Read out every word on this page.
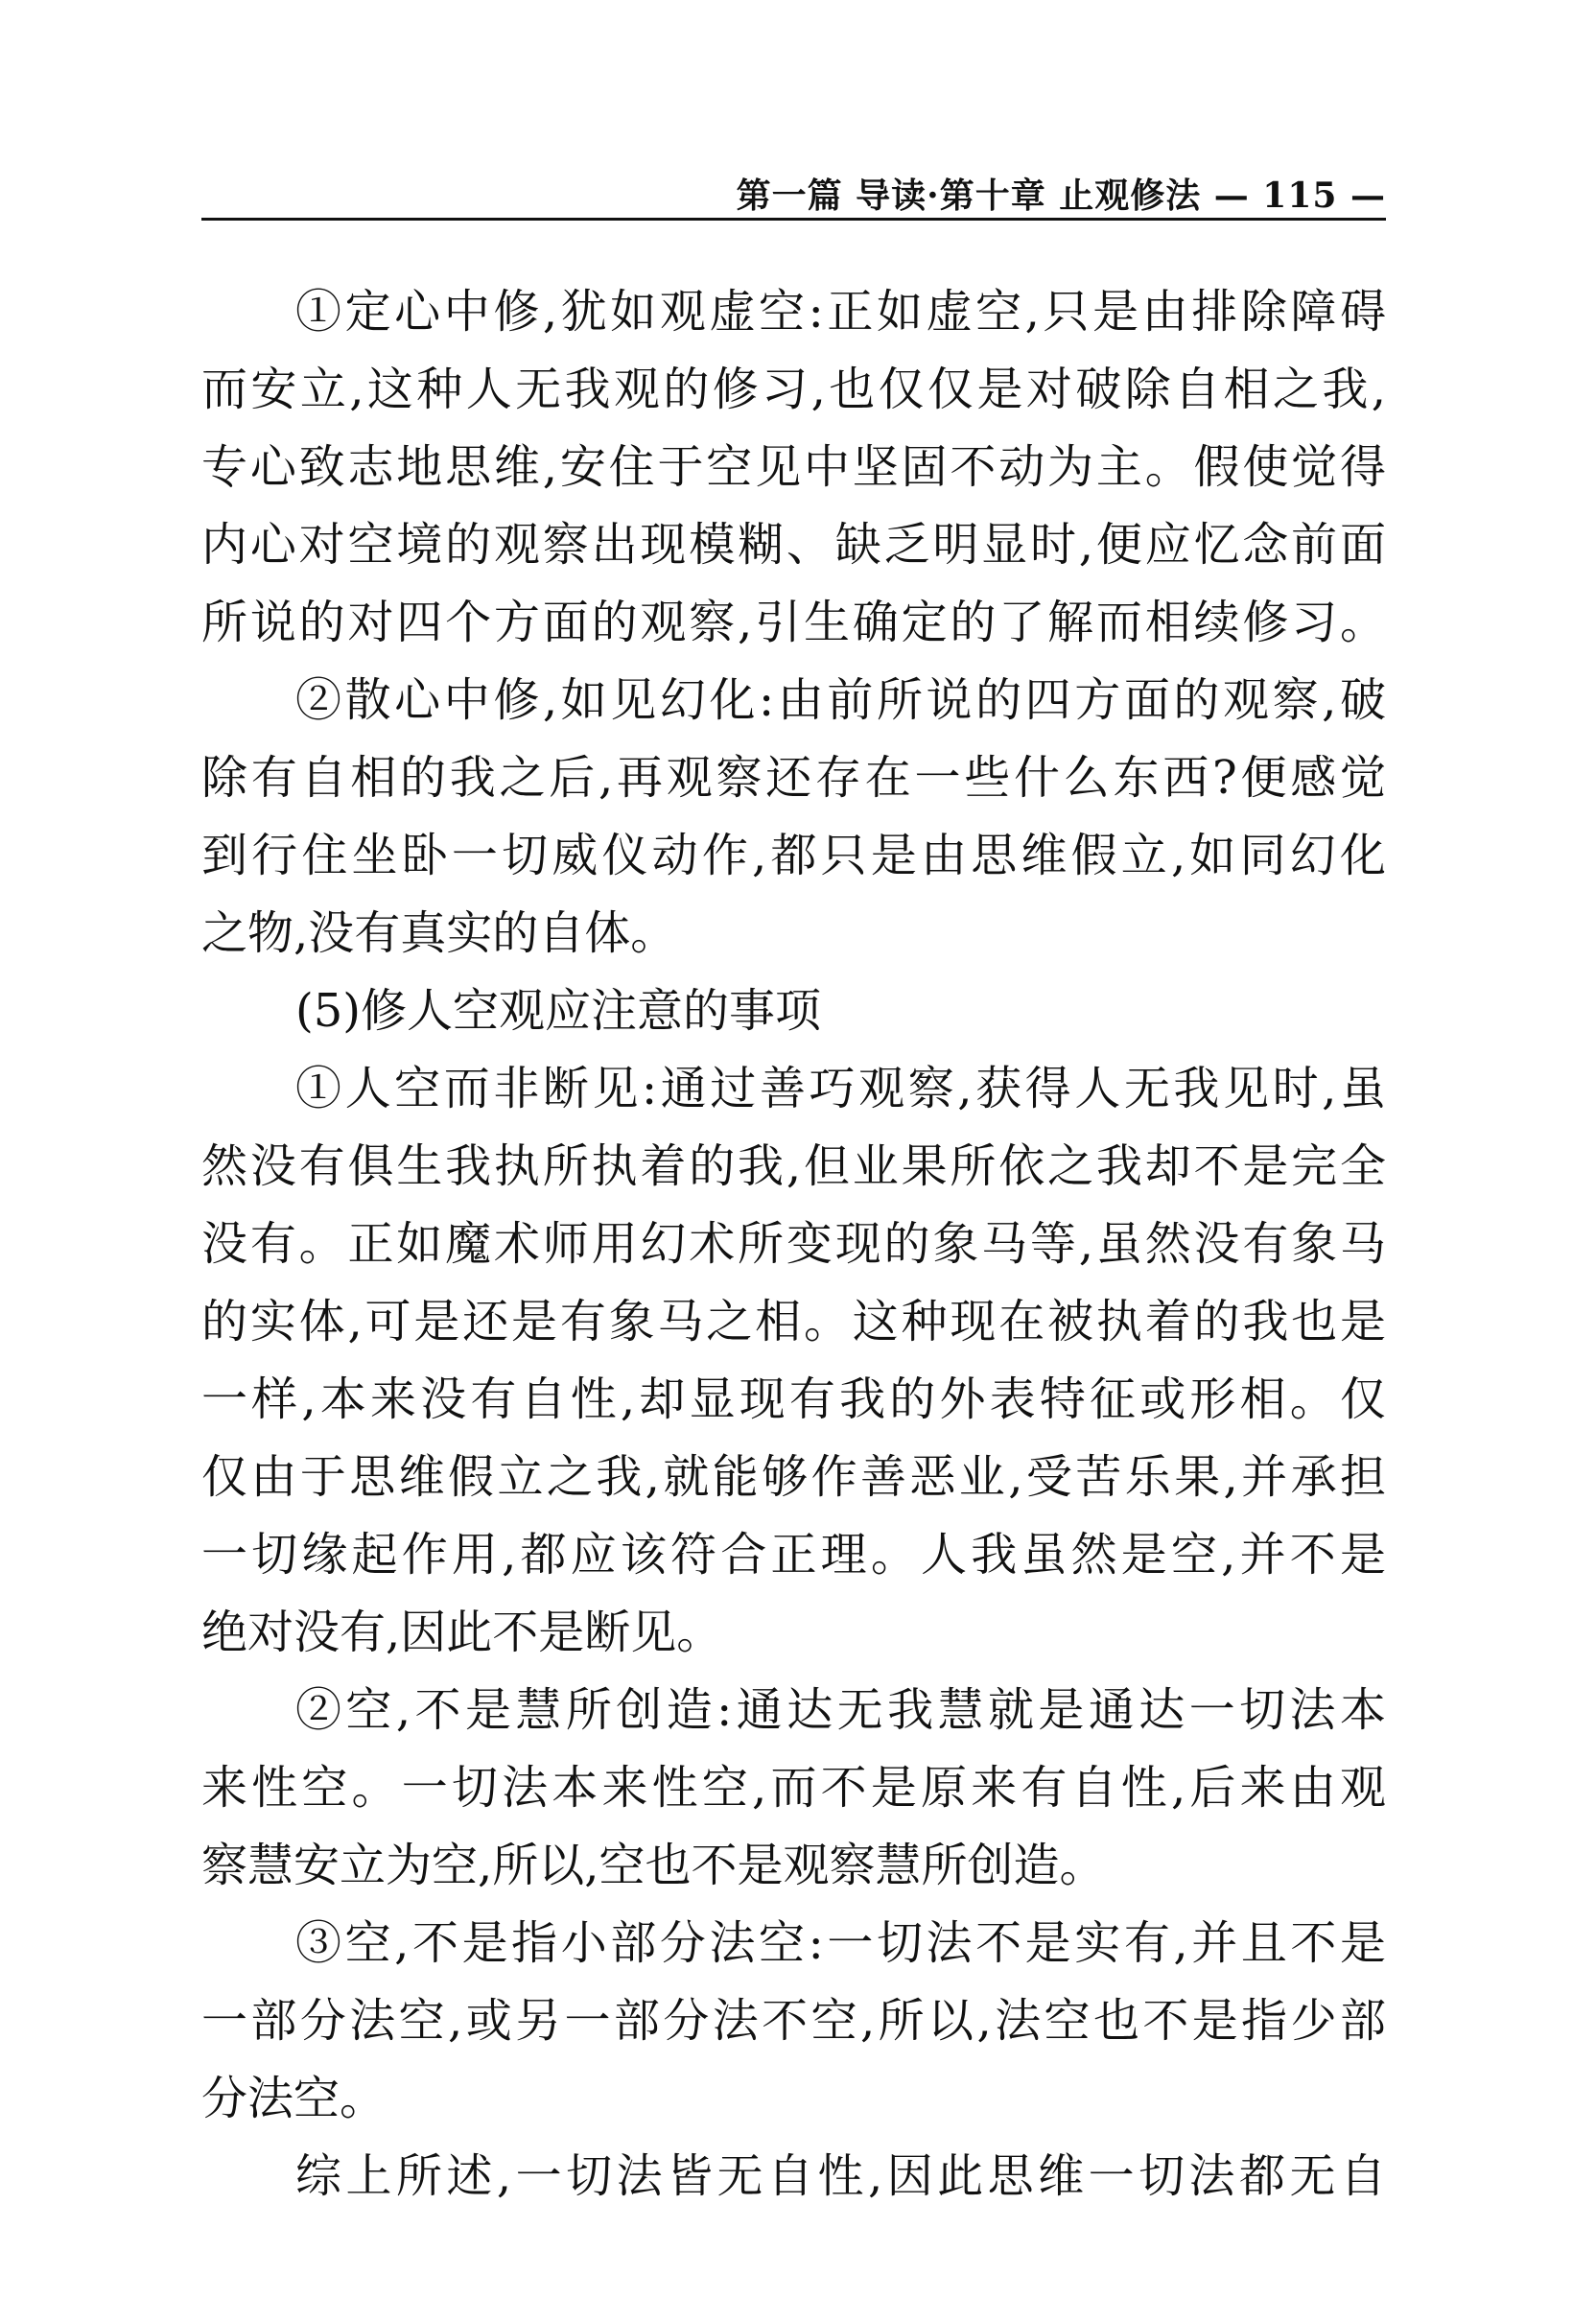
第一篇 导读·第十章 止观修法 — 115 —
①定心中修,犹如观虚空:正如虚空,只是由排除障碍
而安立,这种人无我观的修习,也仅仅是对破除自相之我,
专心致志地思维,安住于空见中坚固不动为主。假使觉得
内心对空境的观察出现模糊、缺乏明显时,便应忆念前面
所说的对四个方面的观察,引生确定的了解而相续修习。
②散心中修,如见幻化:由前所说的四方面的观察,破
除有自相的我之后,再观察还存在一些什么东西?便感觉
到行住坐卧一切威仪动作,都只是由思维假立,如同幻化
之物,没有真实的自体。
(5)修人空观应注意的事项
①人空而非断见:通过善巧观察,获得人无我见时,虽
然没有俱生我执所执着的我,但业果所依之我却不是完全
没有。正如魔术师用幻术所变现的象马等,虽然没有象马
的实体,可是还是有象马之相。这种现在被执着的我也是
一样,本来没有自性,却显现有我的外表特征或形相。仅
仅由于思维假立之我,就能够作善恶业,受苦乐果,并承担
一切缘起作用,都应该符合正理。人我虽然是空,并不是
绝对没有,因此不是断见。
②空,不是慧所创造:通达无我慧就是通达一切法本
来性空。一切法本来性空,而不是原来有自性,后来由观
察慧安立为空,所以,空也不是观察慧所创造。
③空,不是指小部分法空:一切法不是实有,并且不是
一部分法空,或另一部分法不空,所以,法空也不是指少部
分法空。
综上所述,一切法皆无自性,因此思维一切法都无自
